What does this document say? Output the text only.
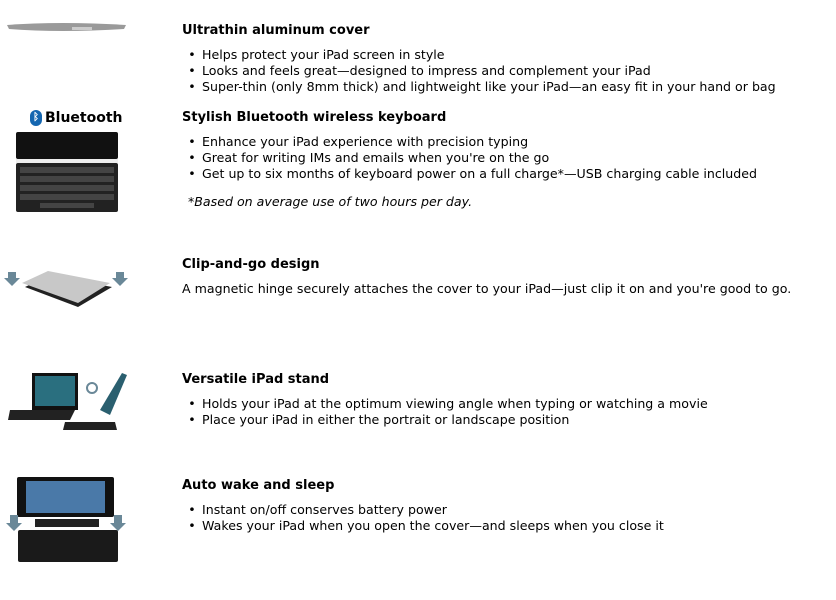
ᛒ Bluetooth
Ultrathin aluminum cover
• Helps protect your iPad screen in style
• Looks and feels great—designed to impress and complement your iPad
• Super-thin (only 8mm thick) and lightweight like your iPad—an easy fit in your hand or bag
Stylish Bluetooth wireless keyboard
• Enhance your iPad experience with precision typing
• Great for writing IMs and emails when you're on the go
• Get up to six months of keyboard power on a full charge*—USB charging cable included

*Based on average use of two hours per day.

Clip-and-go design

A magnetic hinge securely attaches the cover to your iPad—just clip it on and you're good to go.

Versatile iPad stand
• Holds your iPad at the optimum viewing angle when typing or watching a movie
• Place your iPad in either the portrait or landscape position
Auto wake and sleep
• Instant on/off conserves battery power
• Wakes your iPad when you open the cover—and sleeps when you close it
